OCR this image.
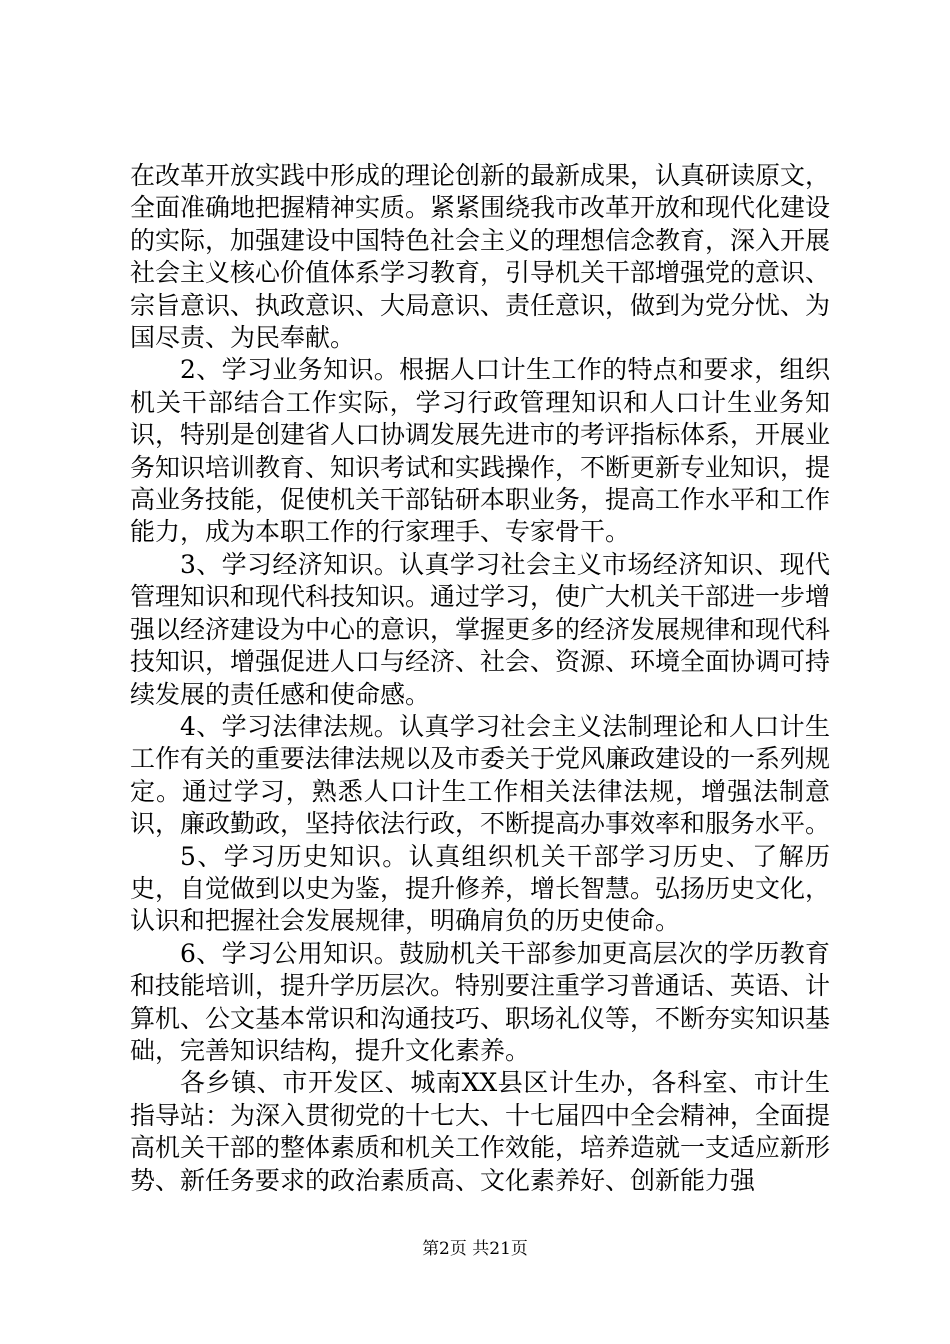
在改革开放实践中形成的理论创新的最新成果，认真研读原文，全面准确地把握精神实质。紧紧围绕我市改革开放和现代化建设的实际，加强建设中国特色社会主义的理想信念教育，深入开展社会主义核心价值体系学习教育，引导机关干部增强党的意识、宗旨意识、执政意识、大局意识、责任意识，做到为党分忧、为国尽责、为民奉献。

2、学习业务知识。根据人口计生工作的特点和要求，组织机关干部结合工作实际，学习行政管理知识和人口计生业务知识，特别是创建省人口协调发展先进市的考评指标体系，开展业务知识培训教育、知识考试和实践操作，不断更新专业知识，提高业务技能，促使机关干部钻研本职业务，提高工作水平和工作能力，成为本职工作的行家理手、专家骨干。

3、学习经济知识。认真学习社会主义市场经济知识、现代管理知识和现代科技知识。通过学习，使广大机关干部进一步增强以经济建设为中心的意识，掌握更多的经济发展规律和现代科技知识，增强促进人口与经济、社会、资源、环境全面协调可持续发展的责任感和使命感。

4、学习法律法规。认真学习社会主义法制理论和人口计生工作有关的重要法律法规以及市委关于党风廉政建设的一系列规定。通过学习，熟悉人口计生工作相关法律法规，增强法制意识，廉政勤政，坚持依法行政，不断提高办事效率和服务水平。

5、学习历史知识。认真组织机关干部学习历史、了解历史，自觉做到以史为鉴，提升修养，增长智慧。弘扬历史文化，认识和把握社会发展规律，明确肩负的历史使命。

6、学习公用知识。鼓励机关干部参加更高层次的学历教育和技能培训，提升学历层次。特别要注重学习普通话、英语、计算机、公文基本常识和沟通技巧、职场礼仪等，不断夯实知识基础，完善知识结构，提升文化素养。

各乡镇、市开发区、城南XX县区计生办，各科室、市计生指导站：为深入贯彻党的十七大、十七届四中全会精神，全面提高机关干部的整体素质和机关工作效能，培养造就一支适应新形势、新任务要求的政治素质高、文化素养好、创新能力强

第2页 共21页
